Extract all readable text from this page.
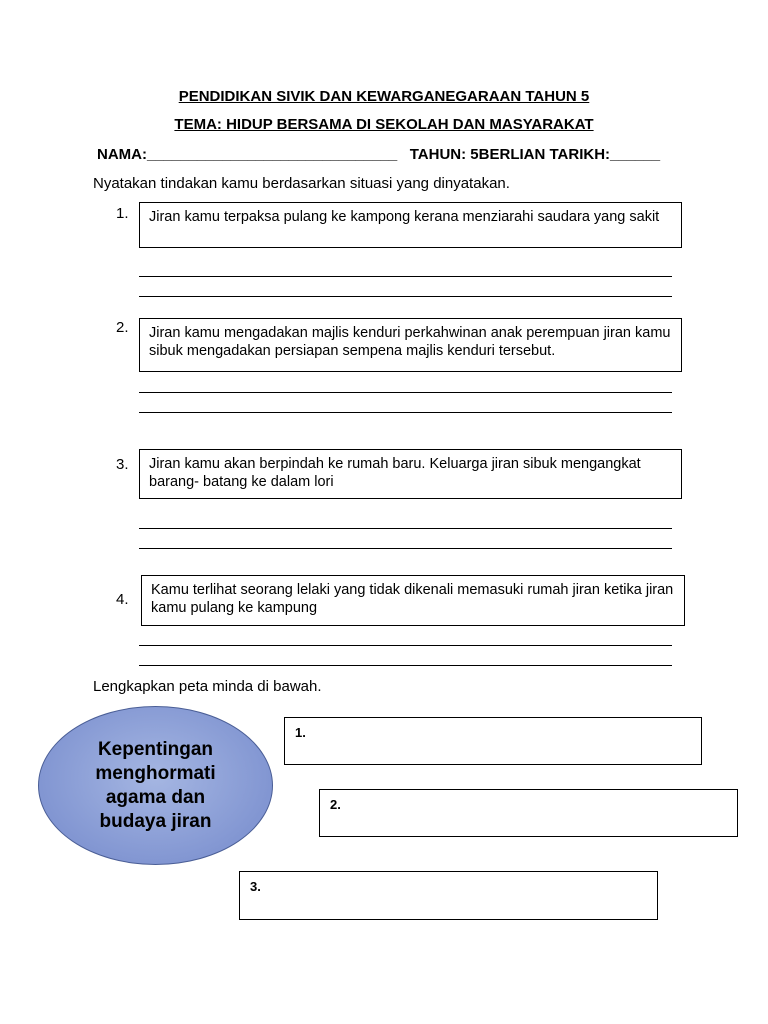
PENDIDIKAN SIVIK DAN KEWARGANEGARAAN TAHUN 5
TEMA: HIDUP BERSAMA DI SEKOLAH DAN MASYARAKAT
NAMA:______________________________   TAHUN: 5BERLIAN TARIKH:______
Nyatakan tindakan kamu berdasarkan situasi yang dinyatakan.
1.	Jiran kamu terpaksa pulang ke kampong kerana menziarahi saudara yang sakit
2.	Jiran kamu mengadakan majlis kenduri perkahwinan anak perempuan jiran kamu sibuk mengadakan persiapan sempena majlis kenduri tersebut.
3.	Jiran kamu akan berpindah ke rumah baru. Keluarga jiran sibuk mengangkat barang- batang ke dalam lori
4.
Kamu terlihat seorang lelaki yang tidak dikenali memasuki rumah jiran ketika jiran kamu pulang ke kampung
Lengkapkan peta minda di bawah.
Kepentingan
menghormati
agama dan
budaya jiran
1.
2.
3.
